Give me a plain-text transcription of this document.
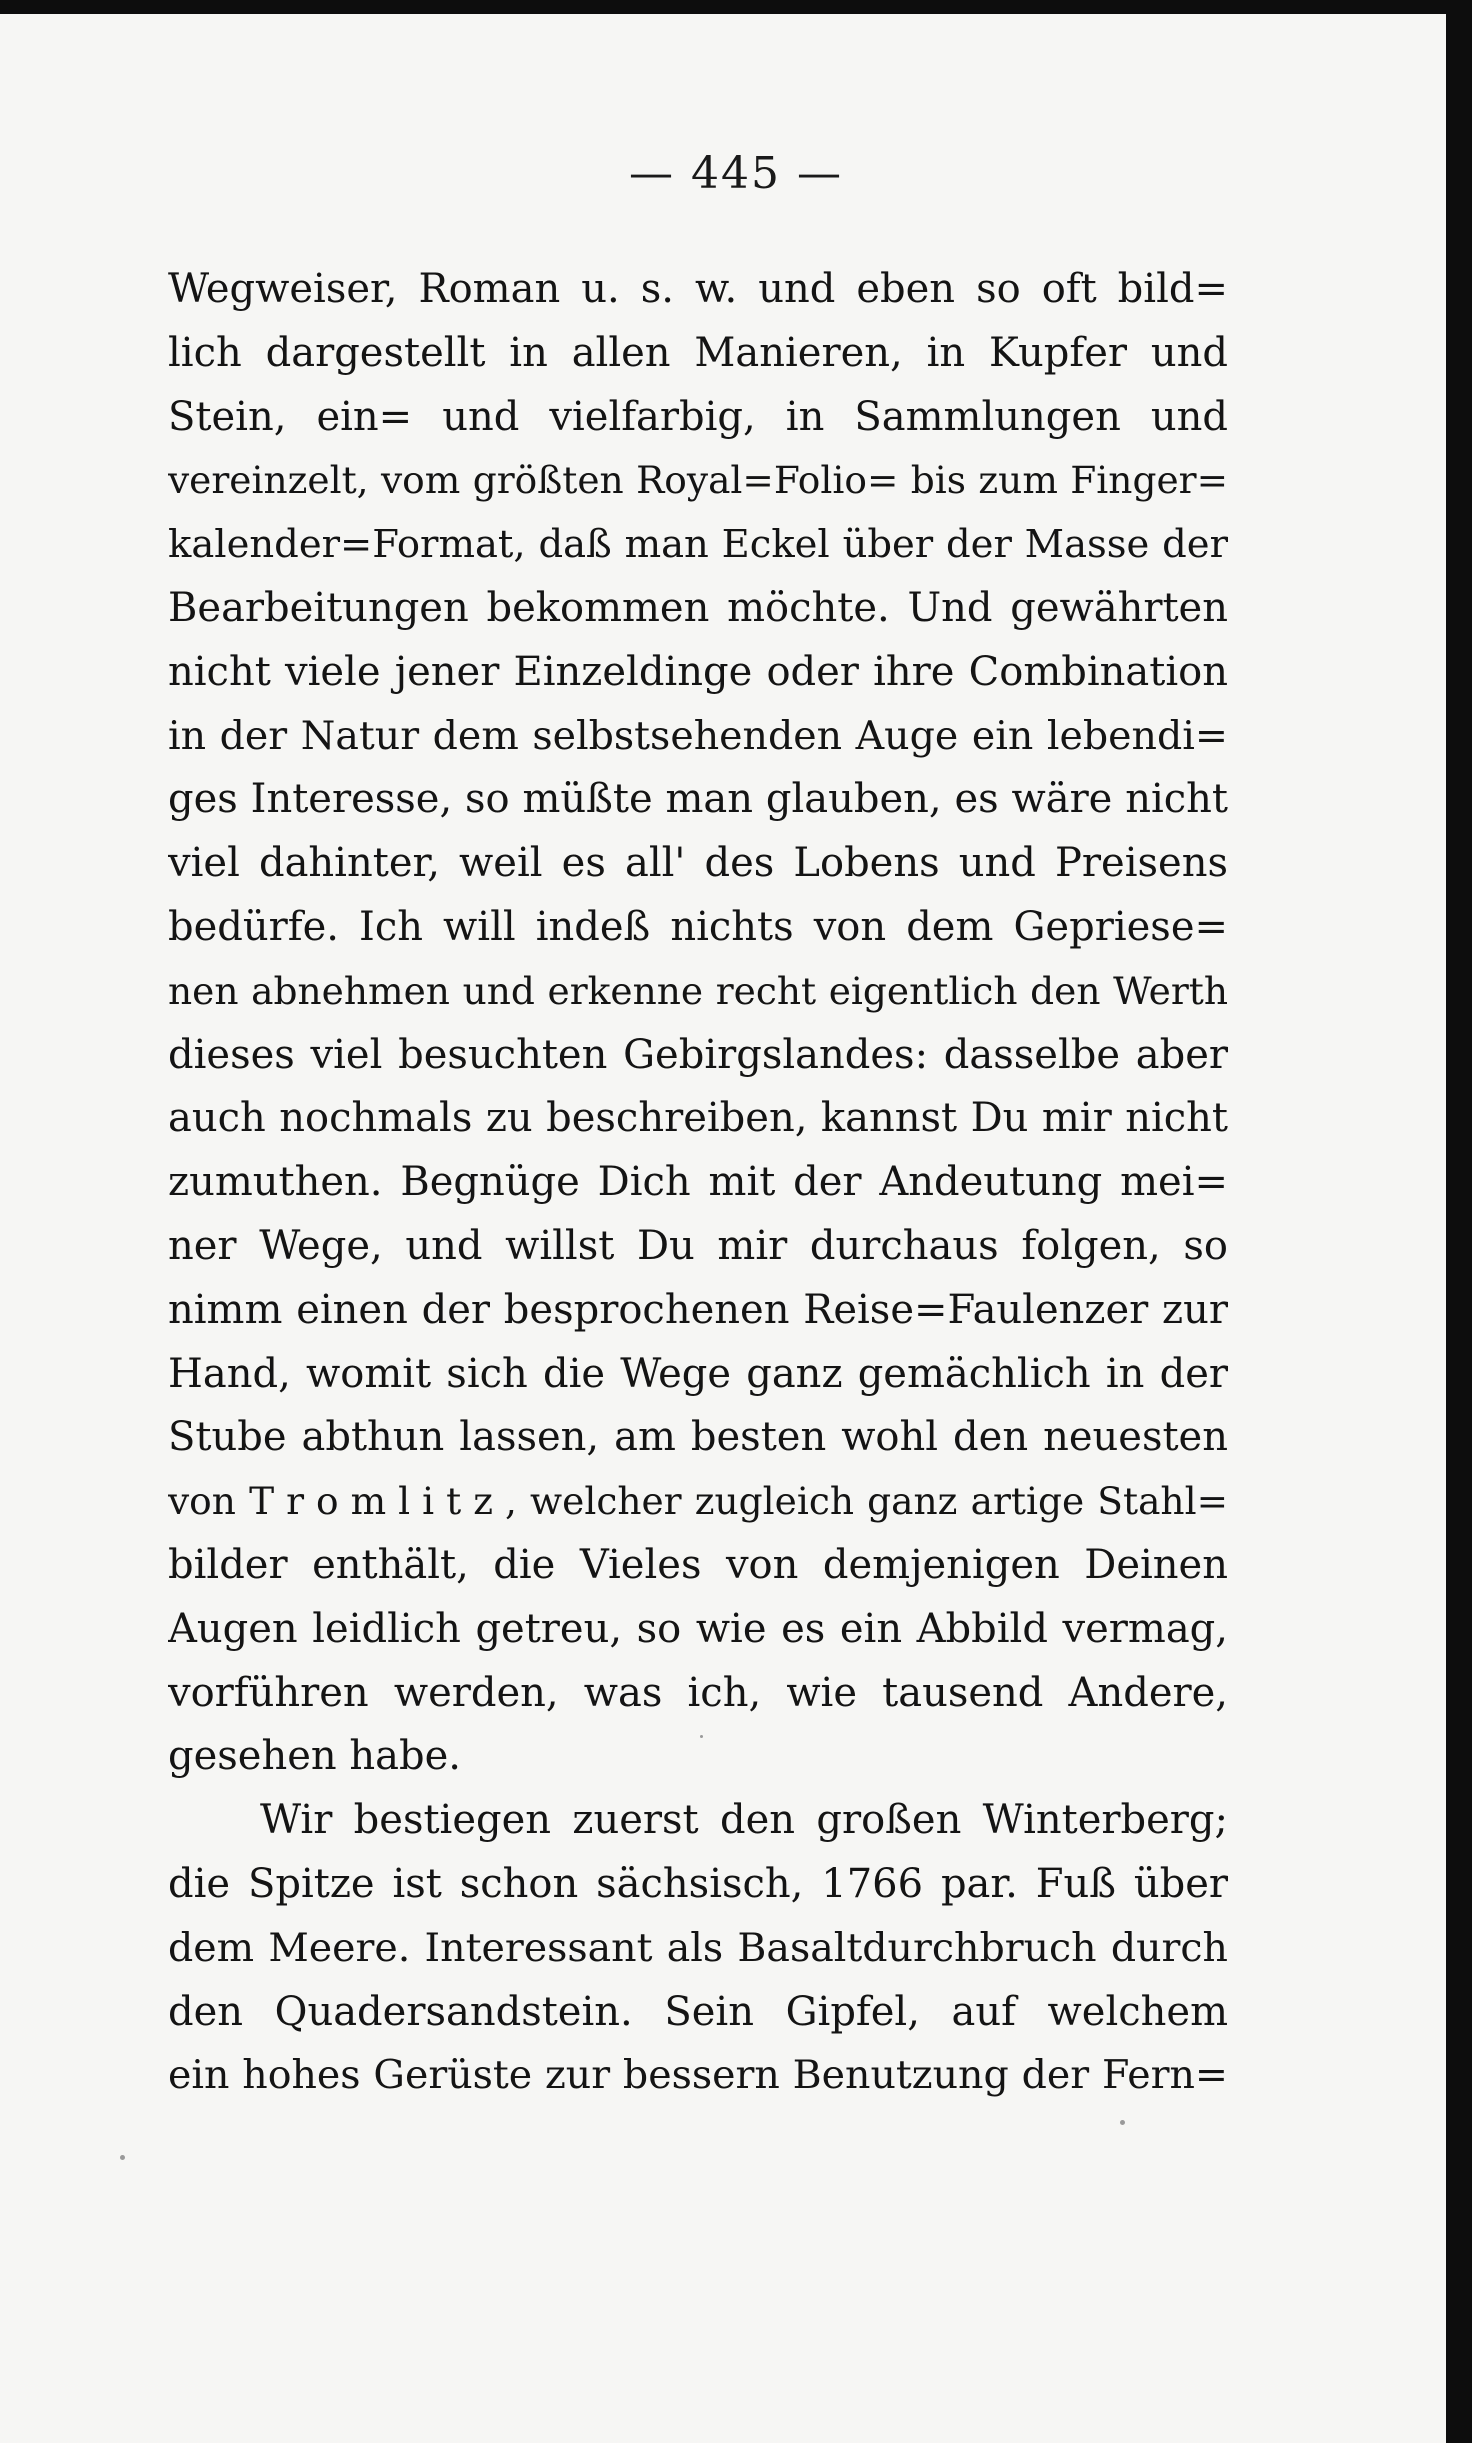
— 445 —
Wegweiser, Roman u. s. w. und eben so oft bild=
lich dargestellt in allen Manieren, in Kupfer und
Stein, ein= und vielfarbig, in Sammlungen und
vereinzelt, vom größten Royal=Folio= bis zum Finger=
kalender=Format, daß man Eckel über der Masse der
Bearbeitungen bekommen möchte. Und gewährten
nicht viele jener Einzeldinge oder ihre Combination
in der Natur dem selbstsehenden Auge ein lebendi=
ges Interesse, so müßte man glauben, es wäre nicht
viel dahinter, weil es all' des Lobens und Preisens
bedürfe. Ich will indeß nichts von dem Gepriese=
nen abnehmen und erkenne recht eigentlich den Werth
dieses viel besuchten Gebirgslandes: dasselbe aber
auch nochmals zu beschreiben, kannst Du mir nicht
zumuthen. Begnüge Dich mit der Andeutung mei=
ner Wege, und willst Du mir durchaus folgen, so
nimm einen der besprochenen Reise=Faulenzer zur
Hand, womit sich die Wege ganz gemächlich in der
Stube abthun lassen, am besten wohl den neuesten
von Tromlitz, welcher zugleich ganz artige Stahl=
bilder enthält, die Vieles von demjenigen Deinen
Augen leidlich getreu, so wie es ein Abbild vermag,
vorführen werden, was ich, wie tausend Andere,
gesehen habe.
Wir bestiegen zuerst den großen Winterberg;
die Spitze ist schon sächsisch, 1766 par. Fuß über
dem Meere. Interessant als Basaltdurchbruch durch
den Quadersandstein. Sein Gipfel, auf welchem
ein hohes Gerüste zur bessern Benutzung der Fern=
